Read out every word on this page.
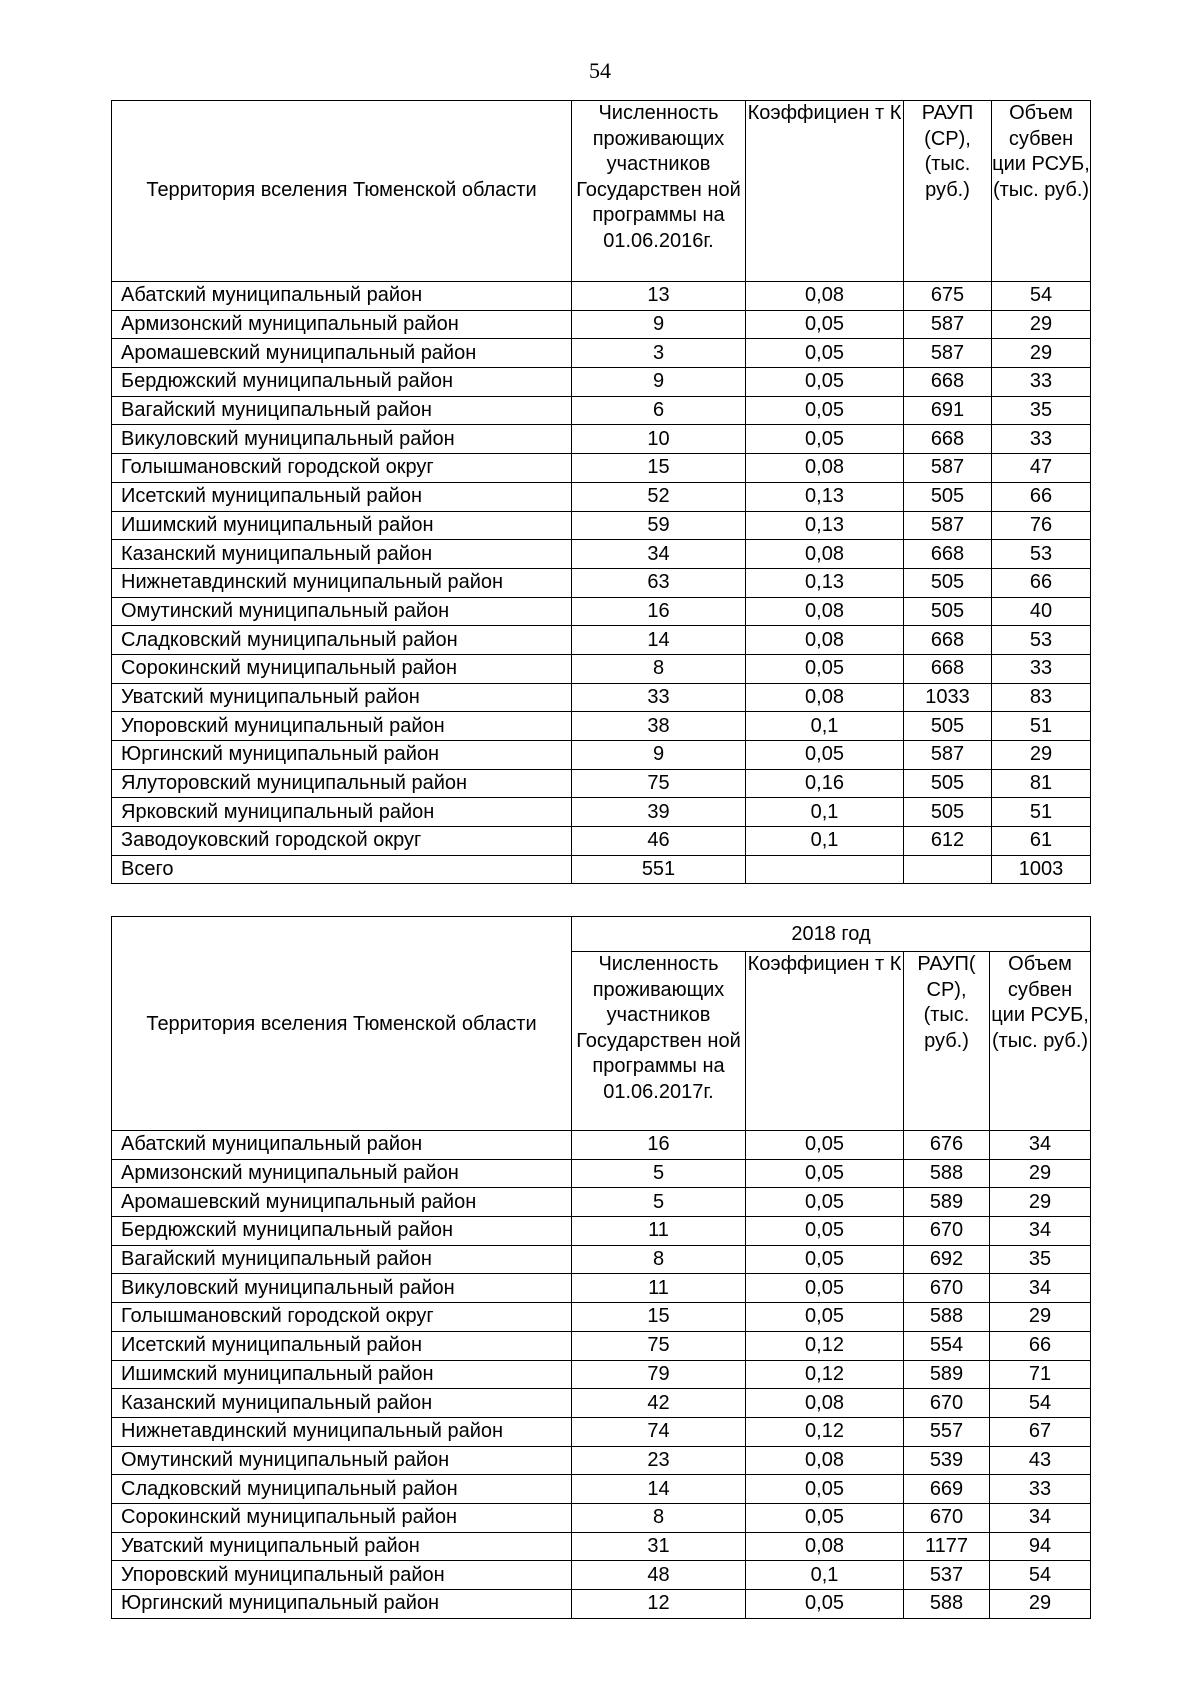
54
Территория вселения Тюменской области	Численность проживающих участников Государствен ной программы на 01.06.2016г.	Коэффициен т К	РАУП (СР), (тыс. руб.)	Объем субвен ции РСУБ, (тыс. руб.)
Абатский муниципальный район	13	0,08	675	54
Армизонский муниципальный район	9	0,05	587	29
Аромашевский муниципальный район	3	0,05	587	29
Бердюжский муниципальный район	9	0,05	668	33
Вагайский муниципальный район	6	0,05	691	35
Викуловский муниципальный район	10	0,05	668	33
Голышмановский городской округ	15	0,08	587	47
Исетский муниципальный район	52	0,13	505	66
Ишимский муниципальный район	59	0,13	587	76
Казанский муниципальный район	34	0,08	668	53
Нижнетавдинский муниципальный район	63	0,13	505	66
Омутинский муниципальный район	16	0,08	505	40
Сладковский муниципальный район	14	0,08	668	53
Сорокинский муниципальный район	8	0,05	668	33
Уватский муниципальный район	33	0,08	1033	83
Упоровский муниципальный район	38	0,1	505	51
Юргинский муниципальный район	9	0,05	587	29
Ялуторовский муниципальный район	75	0,16	505	81
Ярковский муниципальный район	39	0,1	505	51
Заводоуковский городской округ	46	0,1	612	61
Всего	551			1003
Территория вселения Тюменской области	2018 год			
	Численность проживающих участников Государствен ной программы на 01.06.2017г.	Коэффициен т К	РАУП( СР), (тыс. руб.)	Объем субвен ции РСУБ, (тыс. руб.)
Абатский муниципальный район	16	0,05	676	34
Армизонский муниципальный район	5	0,05	588	29
Аромашевский муниципальный район	5	0,05	589	29
Бердюжский муниципальный район	11	0,05	670	34
Вагайский муниципальный район	8	0,05	692	35
Викуловский муниципальный район	11	0,05	670	34
Голышмановский городской округ	15	0,05	588	29
Исетский муниципальный район	75	0,12	554	66
Ишимский муниципальный район	79	0,12	589	71
Казанский муниципальный район	42	0,08	670	54
Нижнетавдинский муниципальный район	74	0,12	557	67
Омутинский муниципальный район	23	0,08	539	43
Сладковский муниципальный район	14	0,05	669	33
Сорокинский муниципальный район	8	0,05	670	34
Уватский муниципальный район	31	0,08	1177	94
Упоровский муниципальный район	48	0,1	537	54
Юргинский муниципальный район	12	0,05	588	29
